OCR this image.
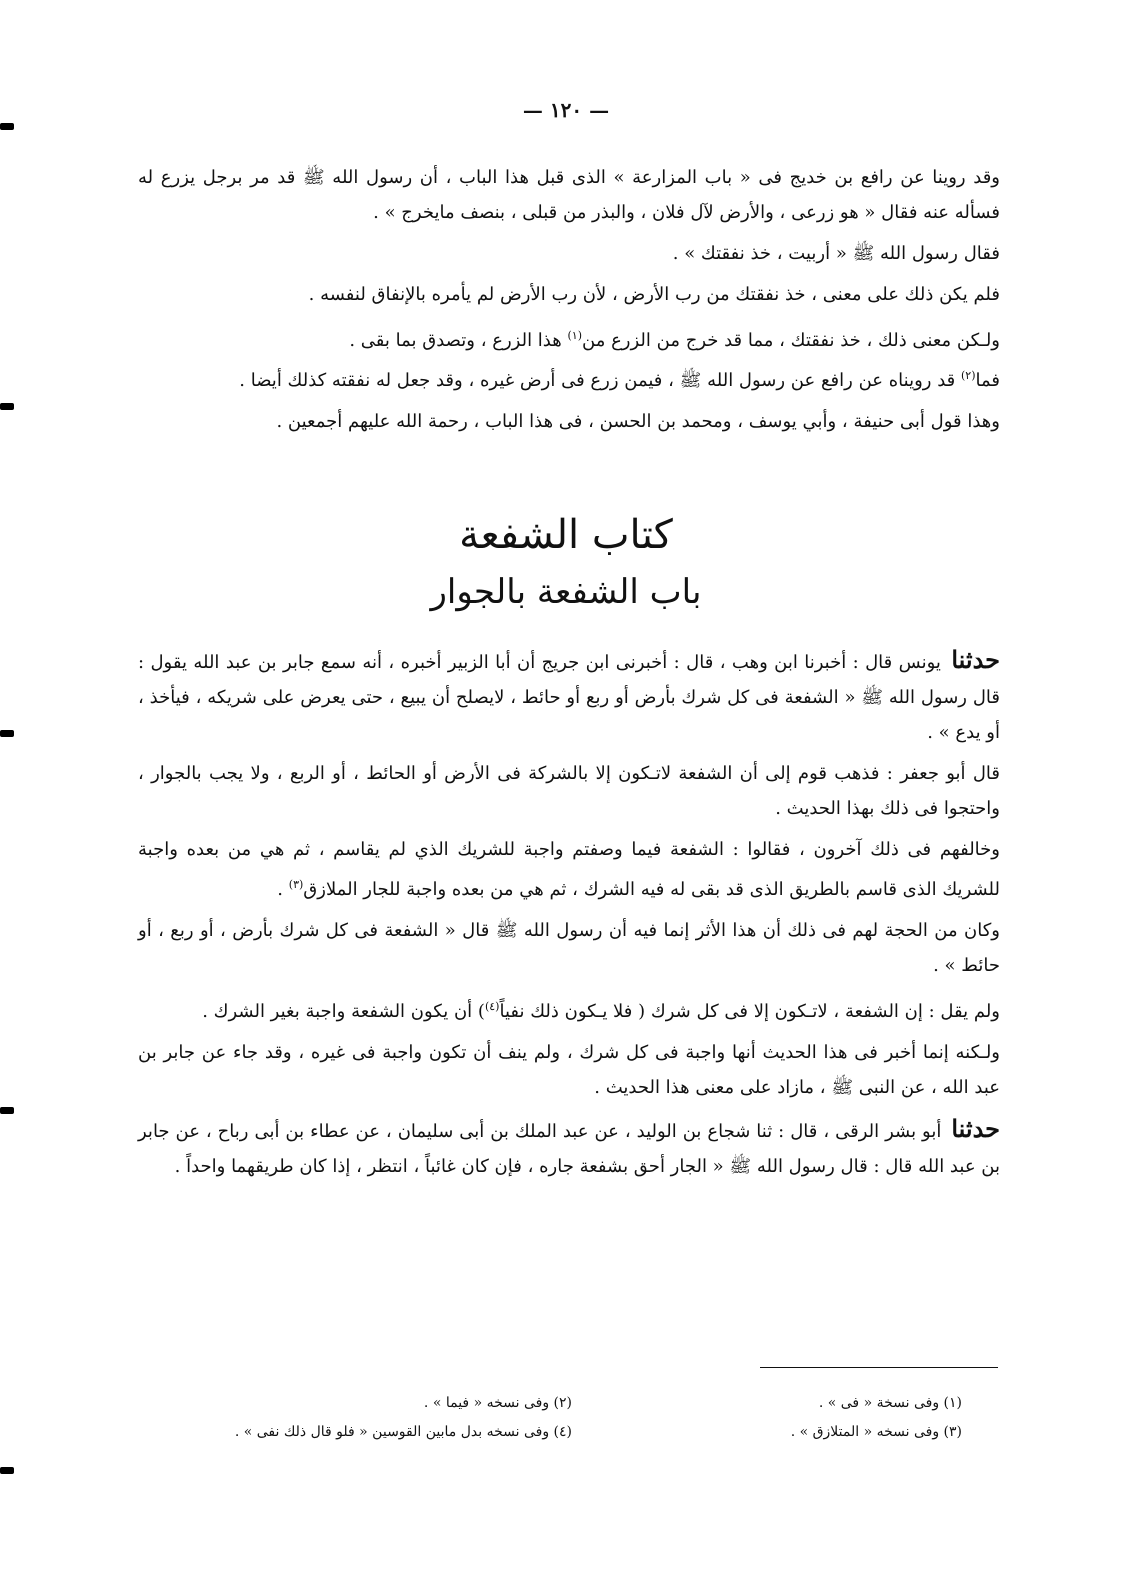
— ١٢٠ —

وقد روينا عن رافع بن خديج فى « باب المزارعة » الذى قبل هذا الباب ، أن رسول الله ﷺ قد مر برجل يزرع له فسأله عنه فقال « هو زرعى ، والأرض لآل فلان ، والبذر من قبلى ، بنصف مايخرج » .

فقال رسول الله ﷺ « أربيت ، خذ نفقتك » .

فلم يكن ذلك على معنى ، خذ نفقتك من رب الأرض ، لأن رب الأرض لم يأمره بالإنفاق لنفسه .

ولـكن معنى ذلك ، خذ نفقتك ، مما قد خرج من الزرع من$^{(١)}$ هذا الزرع ، وتصدق بما بقى .

فما$^{(٢)}$ قد رويناه عن رافع عن رسول الله ﷺ ، فيمن زرع فى أرض غيره ، وقد جعل له نفقته كذلك أيضا .

وهذا قول أبى حنيفة ، وأبي يوسف ، ومحمد بن الحسن ، فى هذا الباب ، رحمة الله عليهم أجمعين .

كتاب الشفعة
باب الشفعة بالجوار

حدثنا يونس قال : أخبرنا ابن وهب ، قال : أخبرنى ابن جريج أن أبا الزبير أخبره ، أنه سمع جابر بن عبد الله يقول : قال رسول الله ﷺ « الشفعة فى كل شرك بأرض أو ربع أو حائط ، لايصلح أن يبيع ، حتى يعرض على شريكه ، فيأخذ ، أو يدع » .

قال أبو جعفر : فذهب قوم إلى أن الشفعة لاتـكون إلا بالشركة فى الأرض أو الحائط ، أو الربع ، ولا يجب بالجوار ، واحتجوا فى ذلك بهذا الحديث .

وخالفهم فى ذلك آخرون ، فقالوا : الشفعة فيما وصفتم واجبة للشريك الذي لم يقاسم ، ثم هي من بعده واجبة للشريك الذى قاسم بالطريق الذى قد بقى له فيه الشرك ، ثم هي من بعده واجبة للجار الملازق$^{(٣)}$ .

وكان من الحجة لهم فى ذلك أن هذا الأثر إنما فيه أن رسول الله ﷺ قال « الشفعة فى كل شرك بأرض ، أو ربع ، أو حائط » .

ولم يقل : إن الشفعة ، لاتـكون إلا فى كل شرك ( فلا يـكون ذلك نفياً$^{(٤)}$) أن يكون الشفعة واجبة بغير الشرك .

ولـكنه إنما أخبر فى هذا الحديث أنها واجبة فى كل شرك ، ولم ينف أن تكون واجبة فى غيره ، وقد جاء عن جابر بن عبد الله ، عن النبى ﷺ ، مازاد على معنى هذا الحديث .

حدثنا أبو بشر الرقى ، قال : ثنا شجاع بن الوليد ، عن عبد الملك بن أبى سليمان ، عن عطاء بن أبى رباح ، عن جابر بن عبد الله قال : قال رسول الله ﷺ « الجار أحق بشفعة جاره ، فإن كان غائباً ، انتظر ، إذا كان طريقهما واحداً .

(١) وفى نسخة « فى » .
(٢) وفى نسخه « فيما » .
(٣) وفى نسخه « المتلازق » .
(٤) وفى نسخه بدل مابين القوسين « فلو قال ذلك نفى » .
